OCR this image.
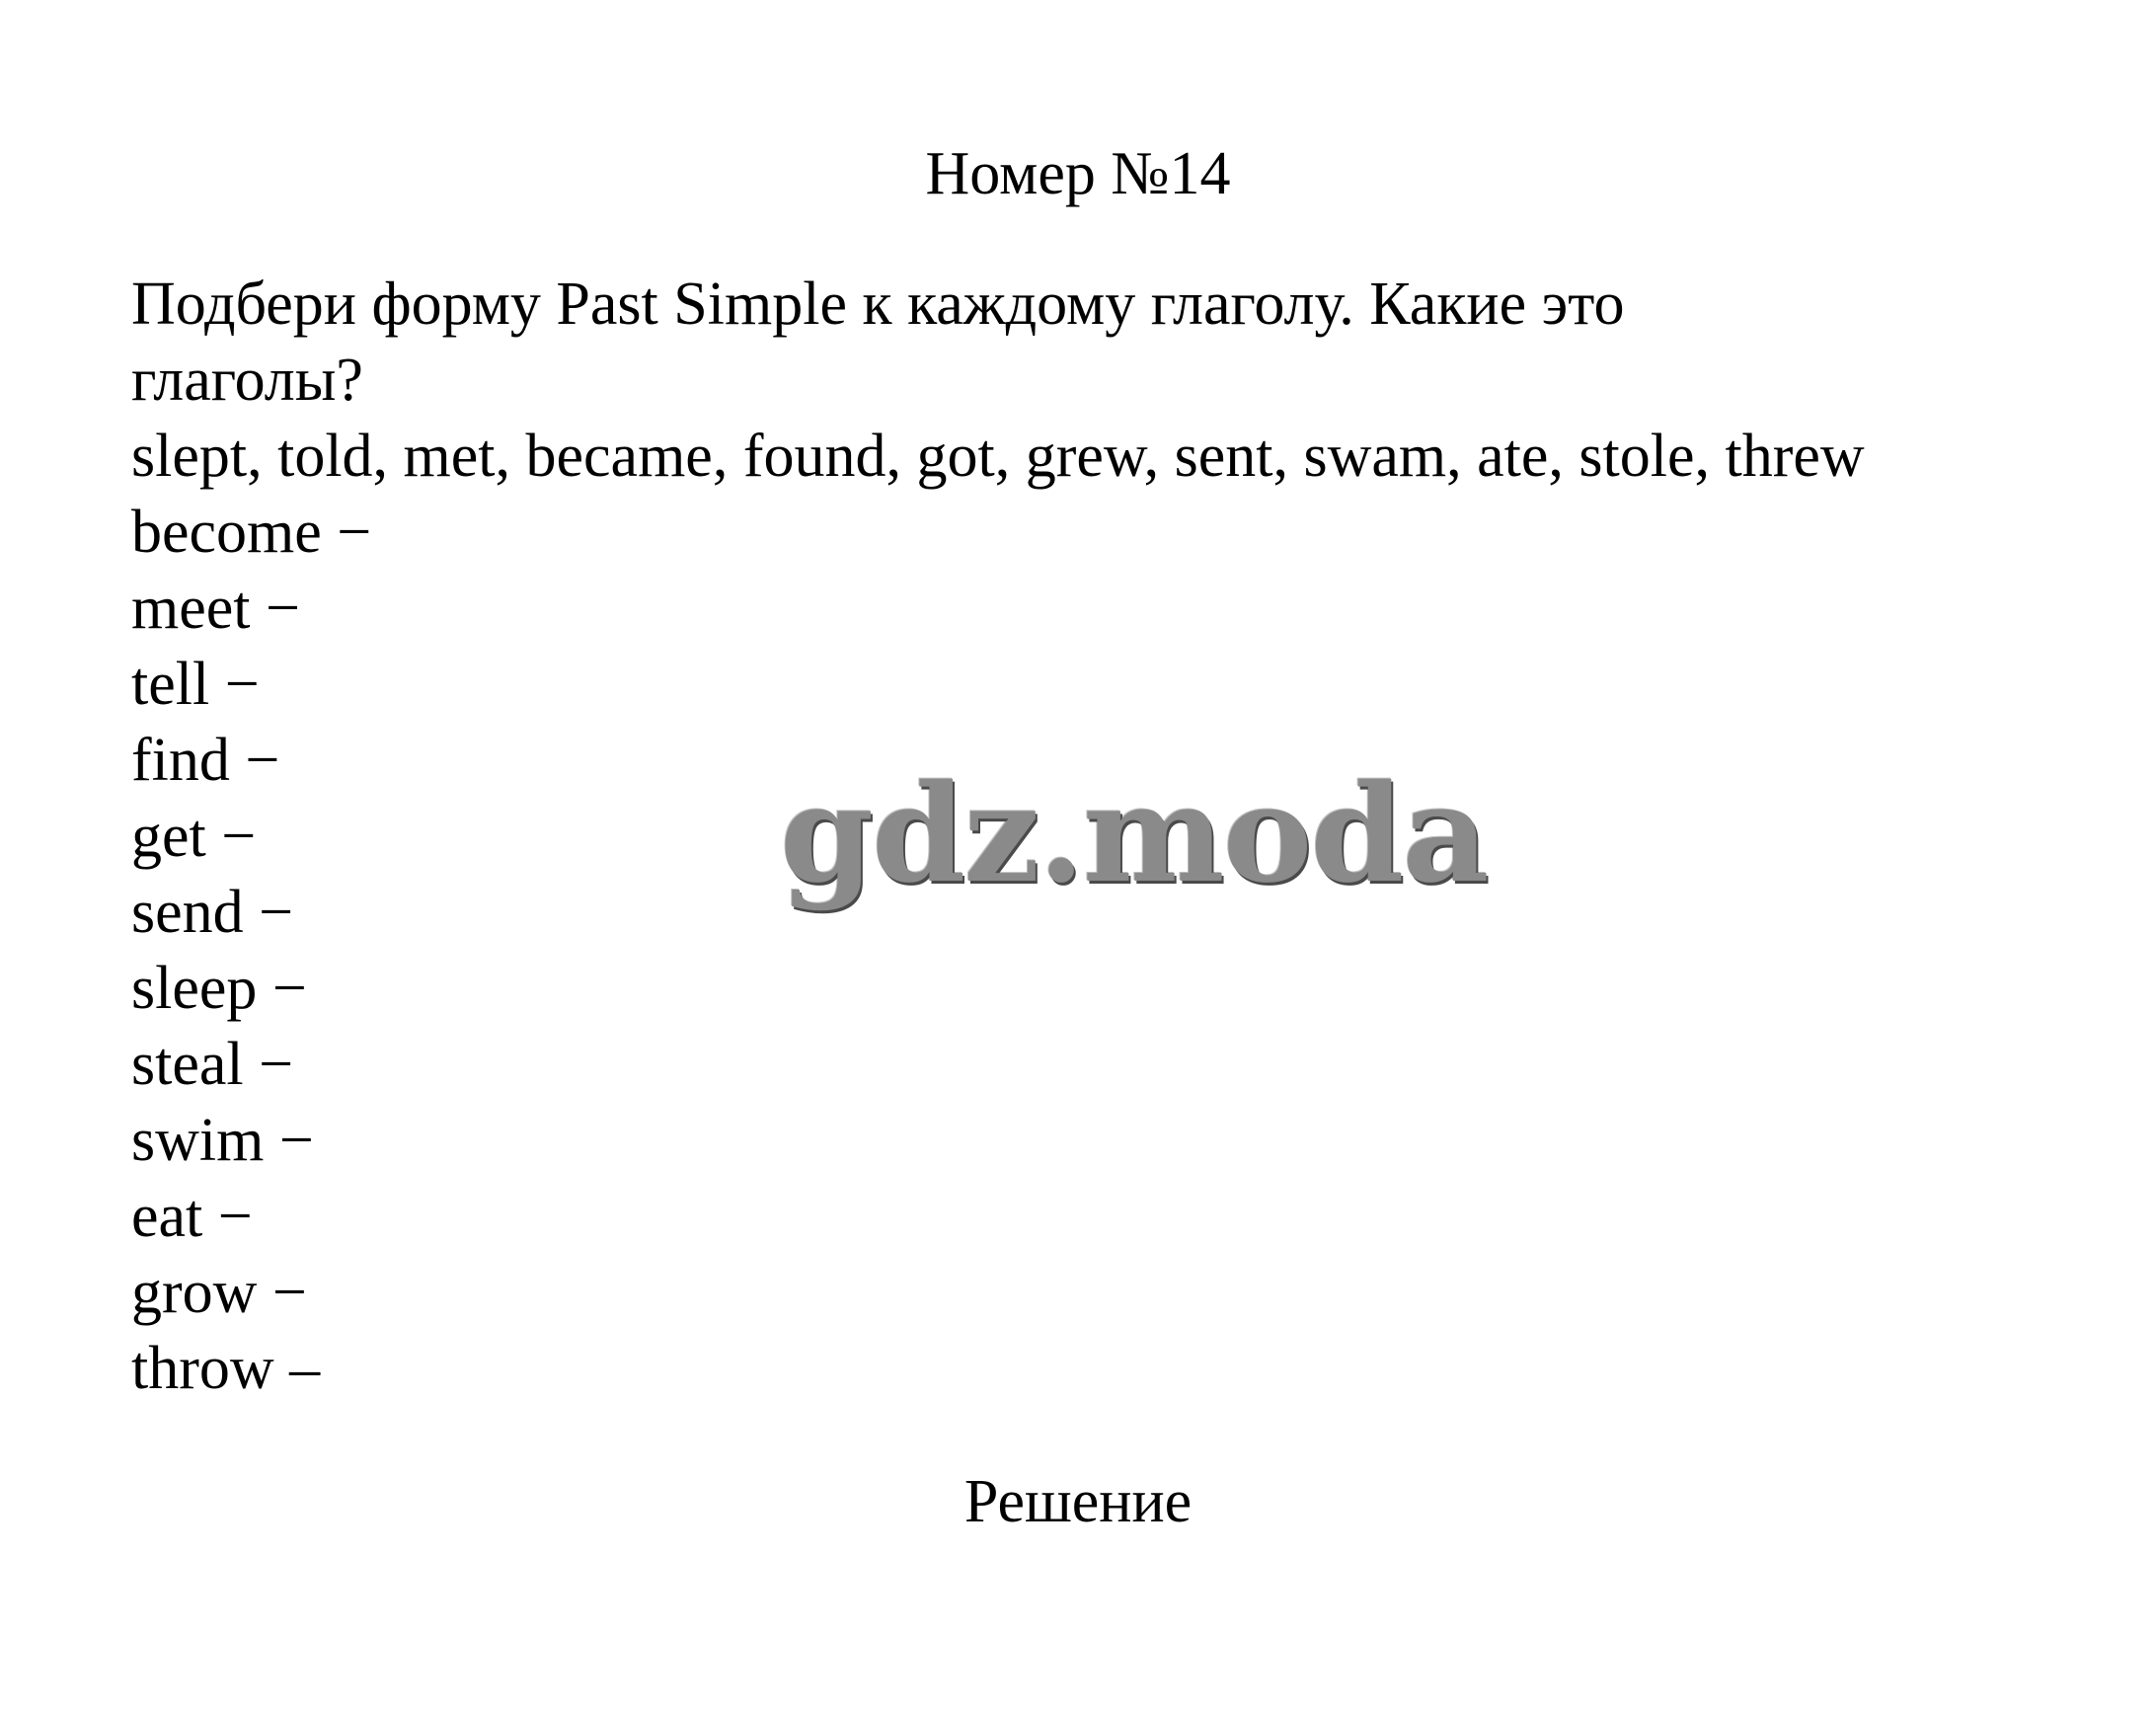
Номер №14
Подбери форму Past Simple к каждому глаголу. Какие это
глаголы?
slept, told, met, became, found, got, grew, sent, swam, ate, stole, threw
become −
meet −
tell −
find −
get −
send −
sleep −
steal −
swim −
eat −
grow −
throw –
gdz.moda
Решение
